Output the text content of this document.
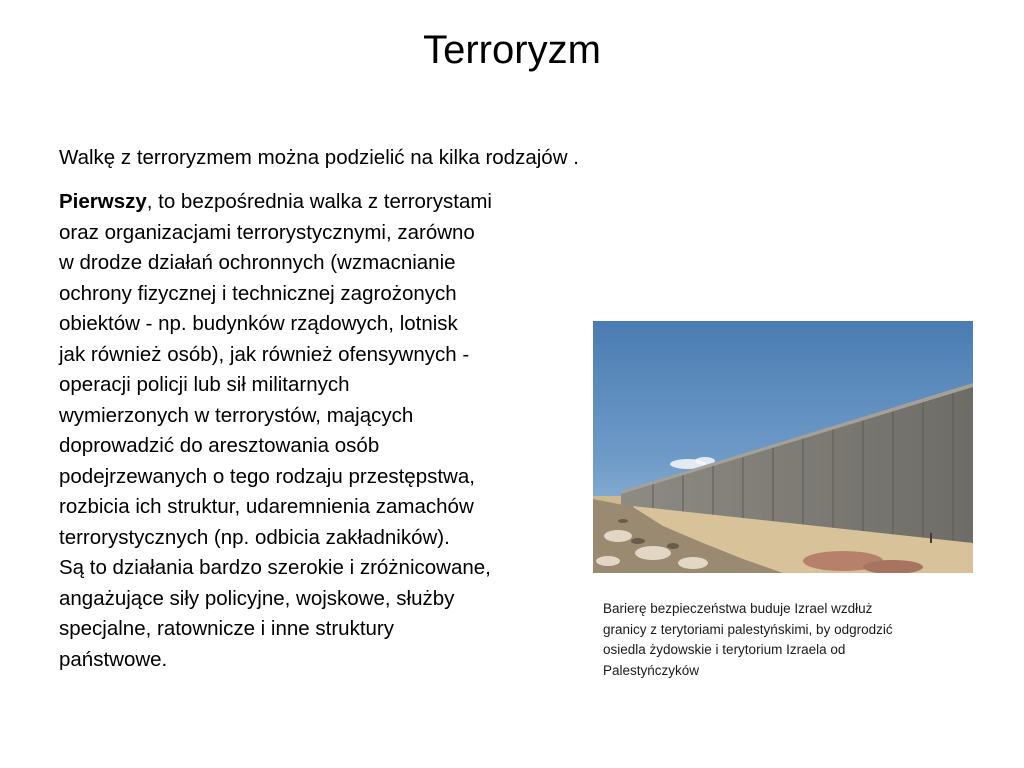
Terroryzm
Walkę z terroryzmem można podzielić na kilka rodzajów .
Pierwszy, to bezpośrednia walka z terrorystami
oraz organizacjami terrorystycznymi, zarówno
w drodze działań ochronnych (wzmacnianie
ochrony fizycznej i technicznej zagrożonych
obiektów - np. budynków rządowych, lotnisk
jak również osób), jak również ofensywnych -
operacji policji lub sił militarnych
wymierzonych w terrorystów, mających
doprowadzić do aresztowania osób
podejrzewanych o tego rodzaju przestępstwa,
rozbicia ich struktur, udaremnienia zamachów
terrorystycznych (np. odbicia zakładników).
Są to działania bardzo szerokie i zróżnicowane,
angażujące siły policyjne, wojskowe, służby
specjalne, ratownicze i inne struktury
państwowe.
Barierę bezpieczeństwa buduje Izrael wzdłuż
granicy z terytoriami palestyńskimi, by odgrodzić
osiedla żydowskie i terytorium Izraela od
Palestyńczyków
